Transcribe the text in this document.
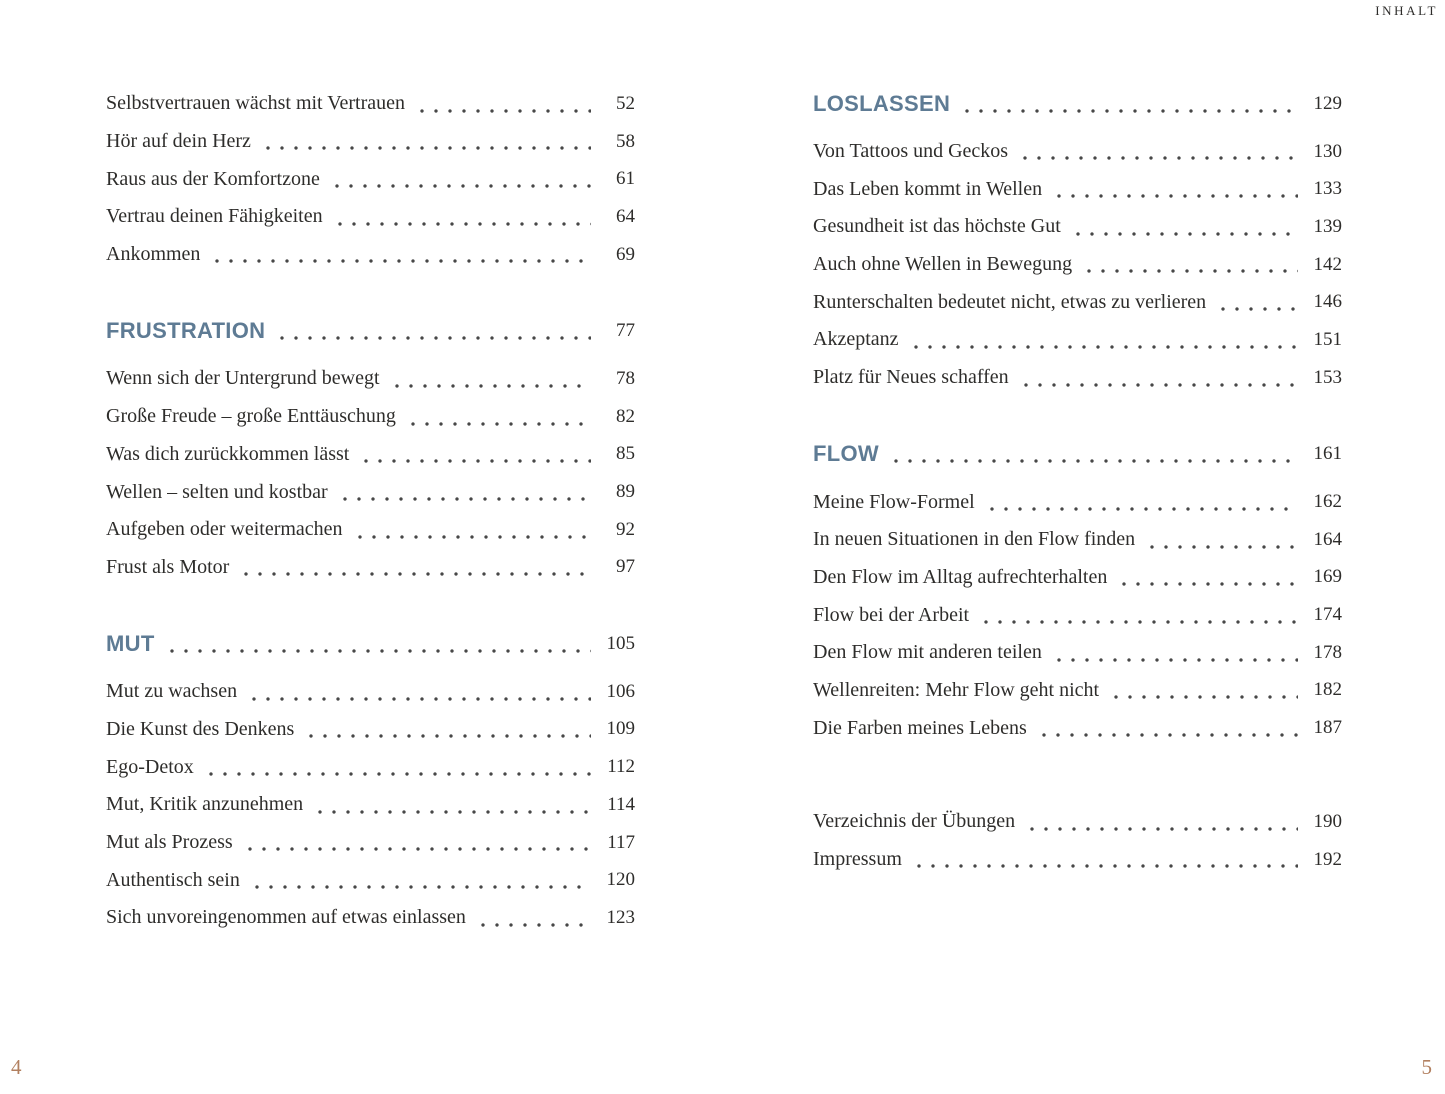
INHALT
Selbstvertrauen wächst mit Vertrauen	52
Hör auf dein Herz	58
Raus aus der Komfortzone	61
Vertrau deinen Fähigkeiten	64
Ankommen	69
FRUSTRATION	77
Wenn sich der Untergrund bewegt	78
Große Freude – große Enttäuschung	82
Was dich zurückkommen lässt	85
Wellen – selten und kostbar	89
Aufgeben oder weitermachen	92
Frust als Motor	97
MUT	105
Mut zu wachsen	106
Die Kunst des Denkens	109
Ego-Detox	112
Mut, Kritik anzunehmen	114
Mut als Prozess	117
Authentisch sein	120
Sich unvoreingenommen auf etwas einlassen	123
LOSLASSEN	129
Von Tattoos und Geckos	130
Das Leben kommt in Wellen	133
Gesundheit ist das höchste Gut	139
Auch ohne Wellen in Bewegung	142
Runterschalten bedeutet nicht, etwas zu verlieren	146
Akzeptanz	151
Platz für Neues schaffen	153
FLOW	161
Meine Flow-Formel	162
In neuen Situationen in den Flow finden	164
Den Flow im Alltag aufrechterhalten	169
Flow bei der Arbeit	174
Den Flow mit anderen teilen	178
Wellenreiten: Mehr Flow geht nicht	182
Die Farben meines Lebens	187
Verzeichnis der Übungen	190
Impressum	192
4	5
